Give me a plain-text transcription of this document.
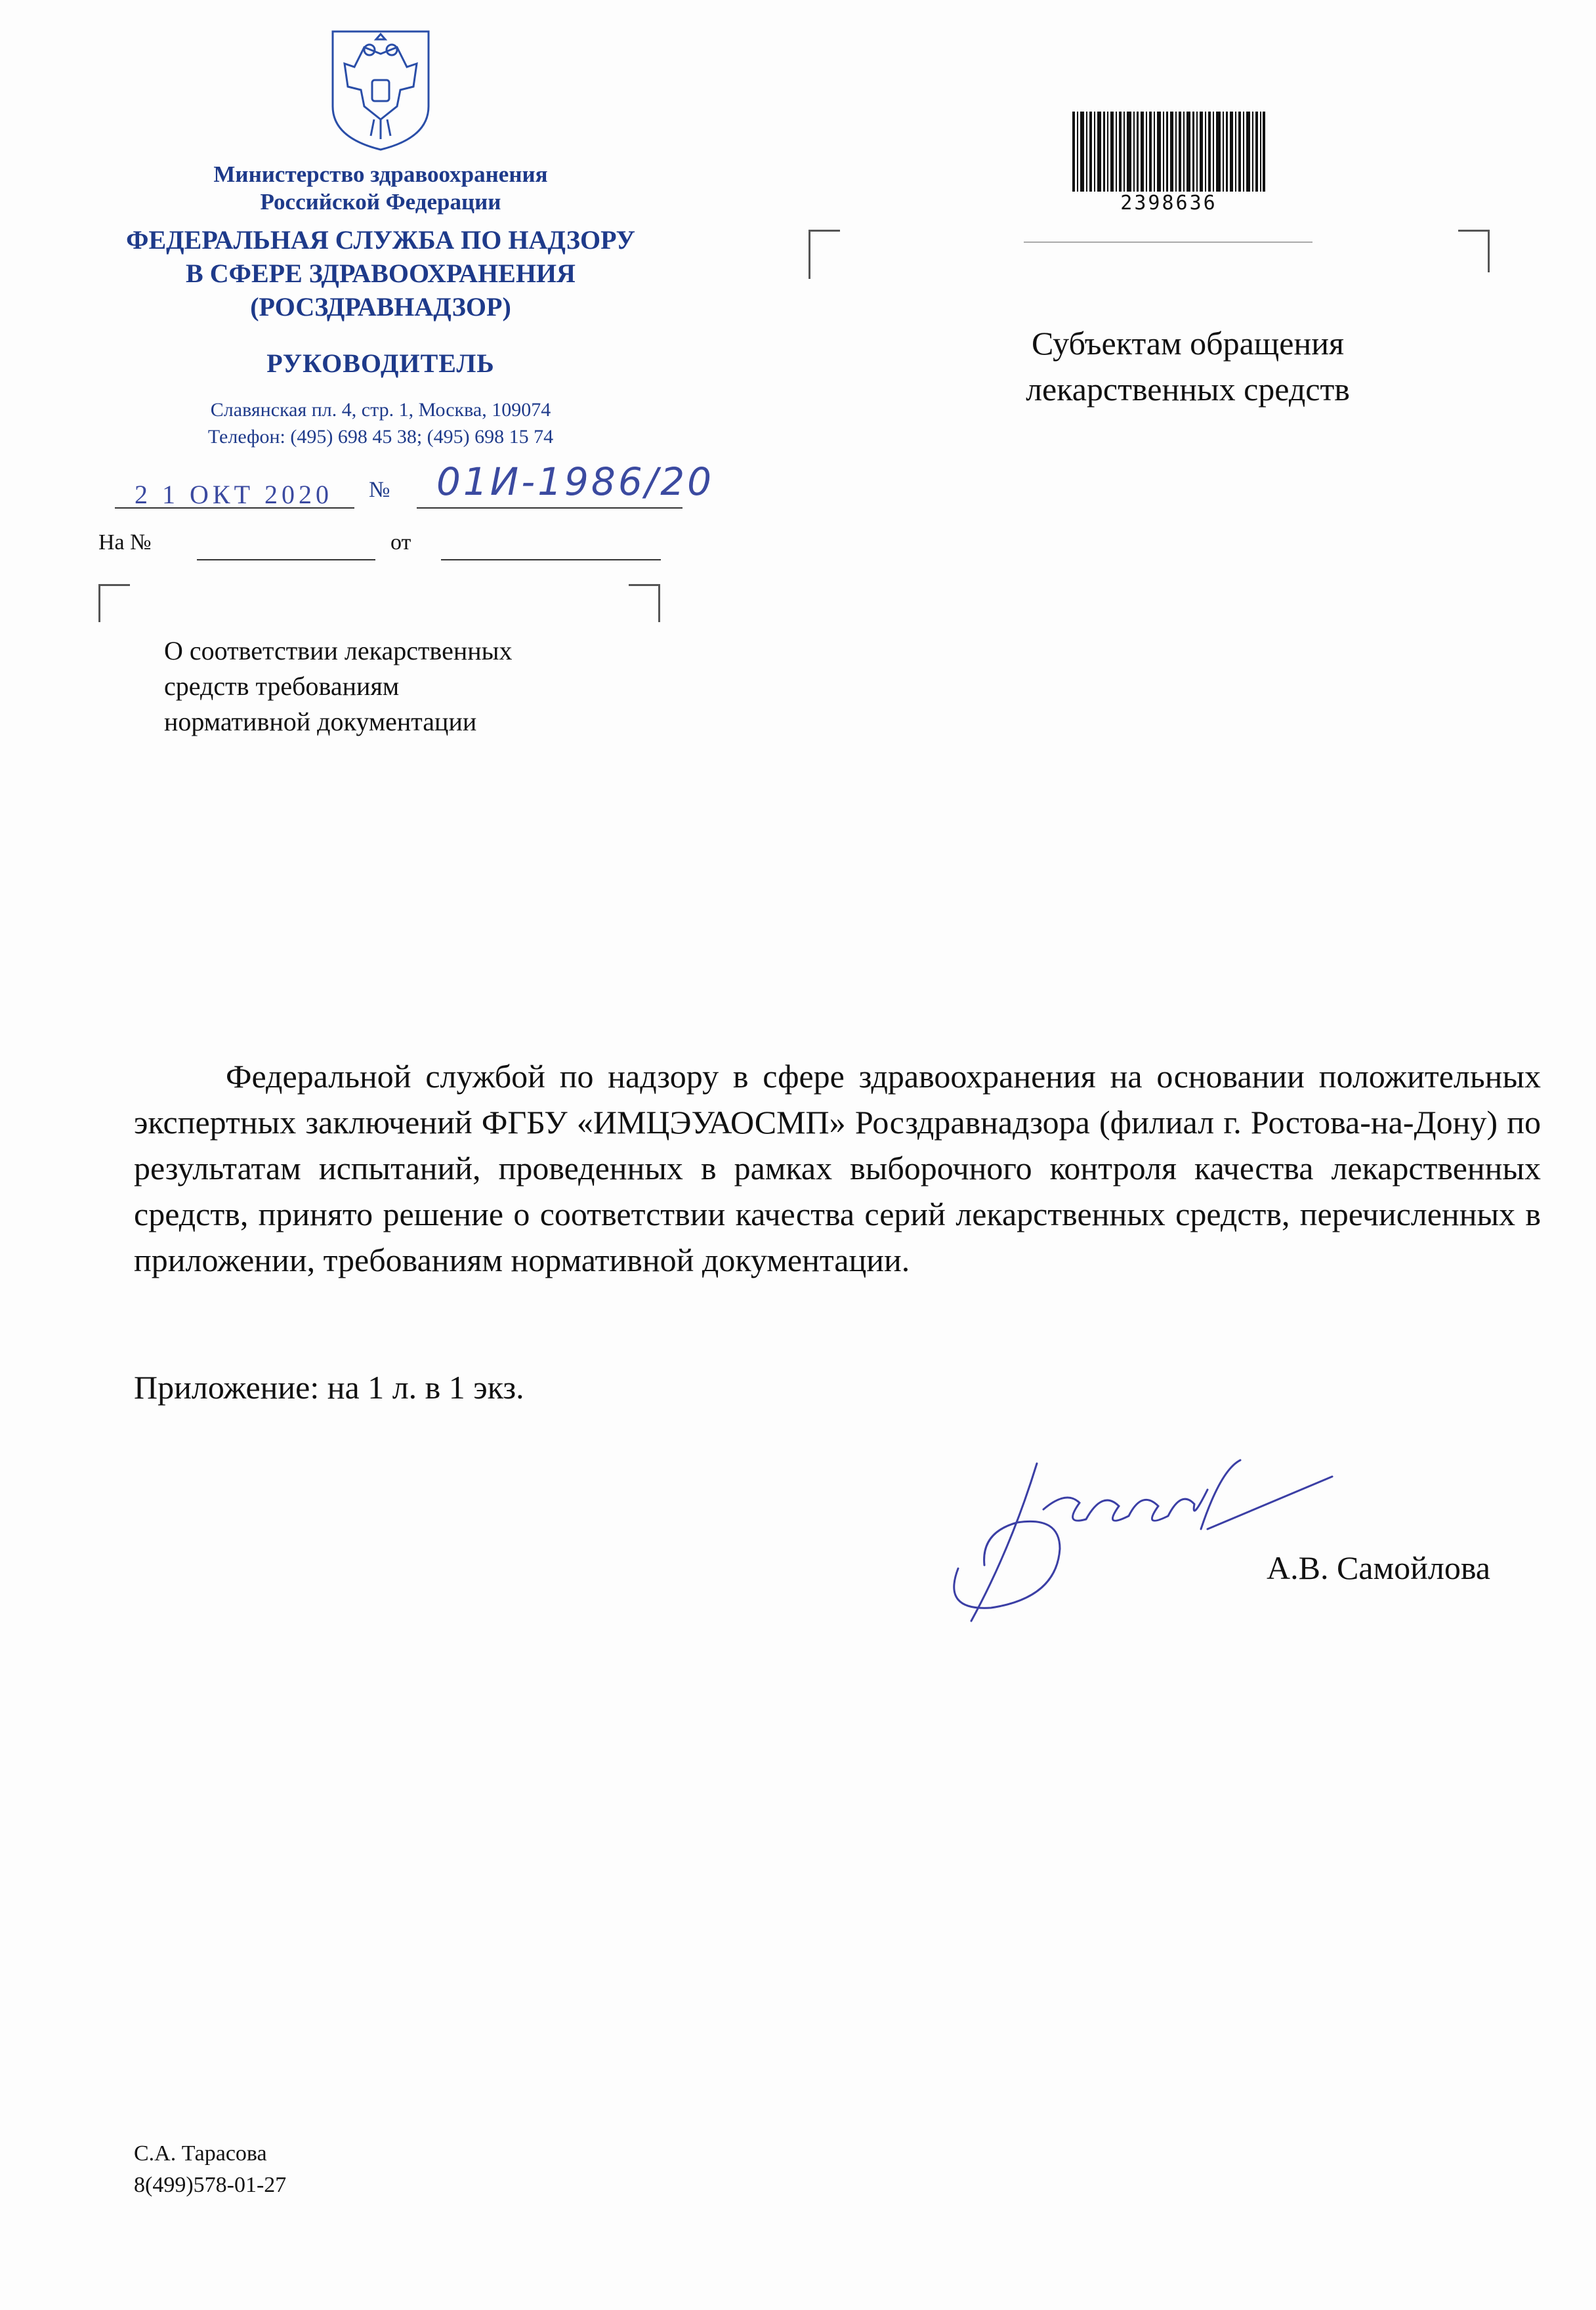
Министерство здравоохранения
Российской Федерации
ФЕДЕРАЛЬНАЯ СЛУЖБА ПО НАДЗОРУ
В СФЕРЕ ЗДРАВООХРАНЕНИЯ
(РОСЗДРАВНАДЗОР)
РУКОВОДИТЕЛЬ
Славянская пл. 4, стр. 1, Москва, 109074
Телефон: (495) 698 45 38; (495) 698 15 74
2 1 ОКТ 2020 № 01И-1986/20
На №	от
О соответствии лекарственных
средств требованиям
нормативной документации
2398636
Субъектам обращения
лекарственных средств

Федеральной службой по надзору в сфере здравоохранения на основании положительных экспертных заключений ФГБУ «ИМЦЭУАОСМП» Росздравнадзора (филиал г. Ростова-на-Дону) по результатам испытаний, проведенных в рамках выборочного контроля качества лекарственных средств, принято решение о соответствии качества серий лекарственных средств, перечисленных в приложении, требованиям нормативной документации.

Приложение: на 1 л. в 1 экз.
А.В. Самойлова
С.А. Тарасова
8(499)578-01-27
